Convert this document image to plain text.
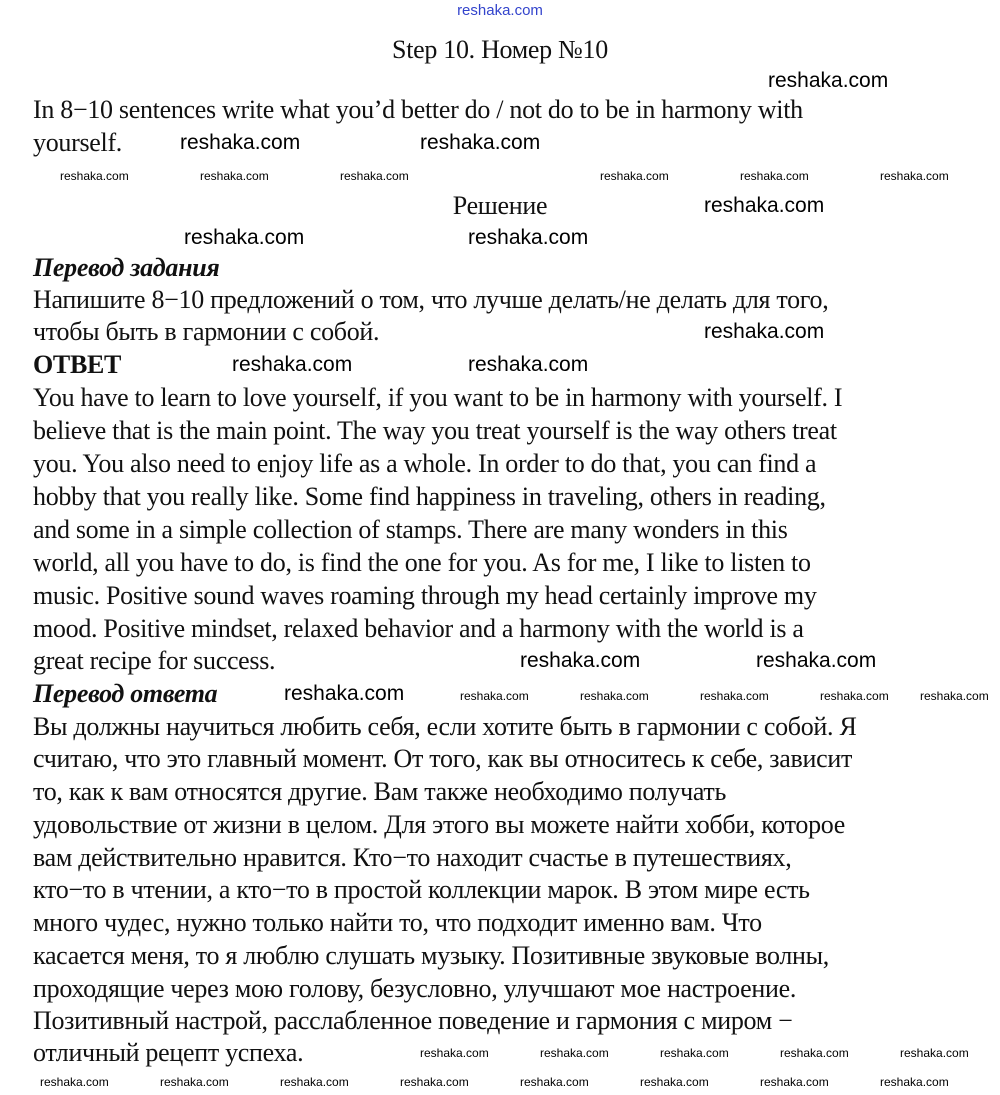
reshaka.com
Step 10. Номер №10
In 8−10 sentences write what you’d better do / not do to be in harmony with
yourself.
Решение
Перевод задания
Напишите 8−10 предложений о том, что лучше делать/не делать для того,
чтобы быть в гармонии с собой.
ОТВЕТ
You have to learn to love yourself, if you want to be in harmony with yourself. I
believe that is the main point. The way you treat yourself is the way others treat
you. You also need to enjoy life as a whole. In order to do that, you can find a
hobby that you really like. Some find happiness in traveling, others in reading,
and some in a simple collection of stamps. There are many wonders in this
world, all you have to do, is find the one for you. As for me, I like to listen to
music. Positive sound waves roaming through my head certainly improve my
mood. Positive mindset, relaxed behavior and a harmony with the world is a
great recipe for success.
Перевод ответа
Вы должны научиться любить себя, если хотите быть в гармонии с собой. Я
считаю, что это главный момент. От того, как вы относитесь к себе, зависит
то, как к вам относятся другие. Вам также необходимо получать
удовольствие от жизни в целом. Для этого вы можете найти хобби, которое
вам действительно нравится. Кто−то находит счастье в путешествиях,
кто−то в чтении, а кто−то в простой коллекции марок. В этом мире есть
много чудес, нужно только найти то, что подходит именно вам. Что
касается меня, то я люблю слушать музыку. Позитивные звуковые волны,
проходящие через мою голову, безусловно, улучшают мое настроение.
Позитивный настрой, расслабленное поведение и гармония с миром −
отличный рецепт успеха.
reshaka.com
reshaka.com	reshaka.com
reshaka.com
reshaka.com	reshaka.com
reshaka.com
reshaka.com	reshaka.com
reshaka.com	reshaka.com
reshaka.com
reshaka.com	reshaka.com	reshaka.com	reshaka.com	reshaka.com	reshaka.com
reshaka.com	reshaka.com	reshaka.com	reshaka.com	reshaka.com
reshaka.com	reshaka.com	reshaka.com	reshaka.com	reshaka.com
reshaka.com	reshaka.com	reshaka.com	reshaka.com	reshaka.com	reshaka.com	reshaka.com	reshaka.com
